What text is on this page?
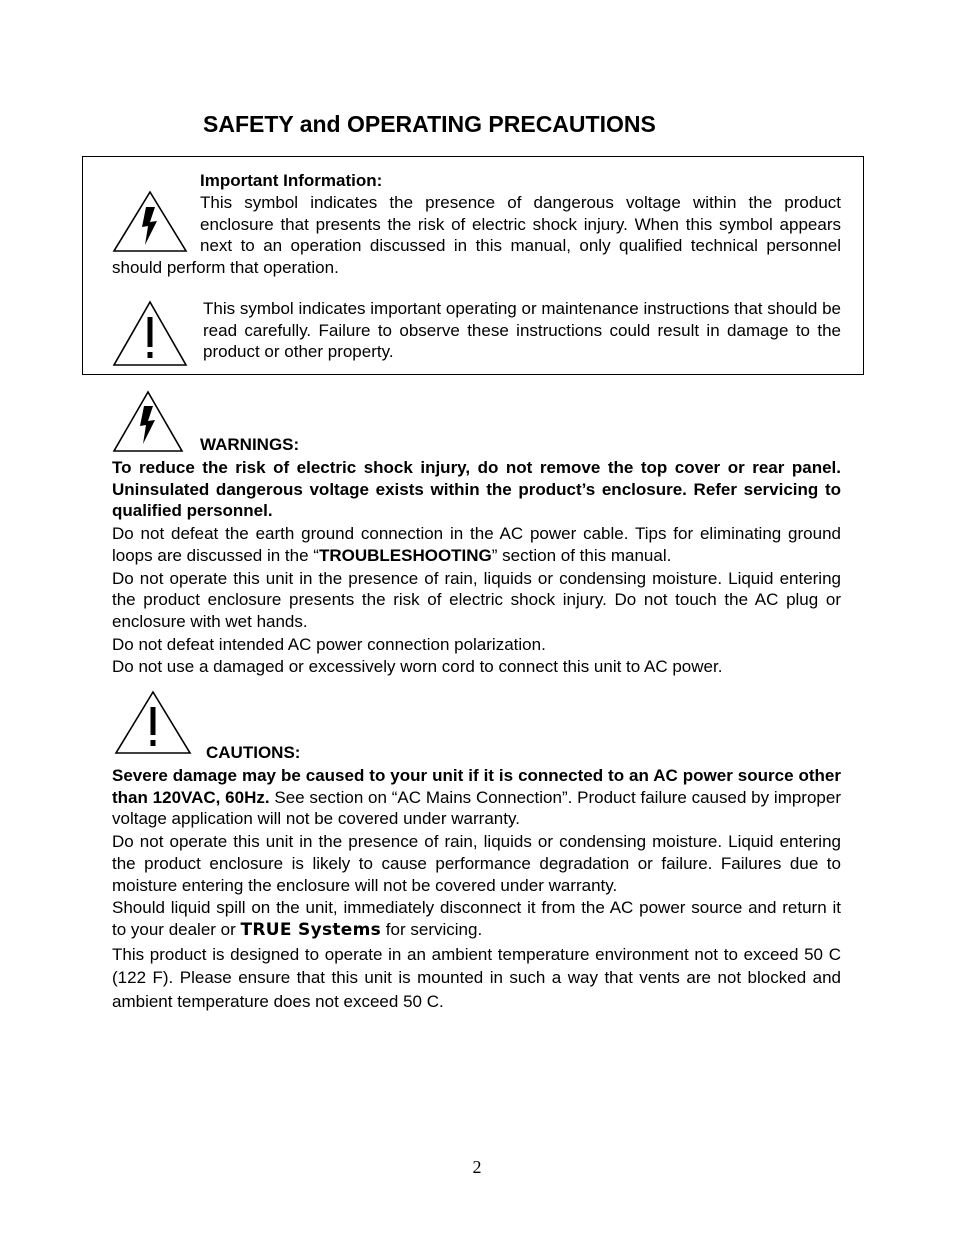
SAFETY and OPERATING PRECAUTIONS

Important Information:

This symbol indicates the presence of dangerous voltage within the product enclosure that presents the risk of electric shock injury. When this symbol appears next to an operation discussed in this manual, only qualified technical personnel should perform that operation.

This symbol indicates important operating or maintenance instructions that should be read carefully. Failure to observe these instructions could result in damage to the product or other property.

WARNINGS:

To reduce the risk of electric shock injury, do not remove the top cover or rear panel. Uninsulated dangerous voltage exists within the product’s enclosure. Refer servicing to qualified personnel.

Do not defeat the earth ground connection in the AC power cable. Tips for eliminating ground loops are discussed in the “TROUBLESHOOTING” section of this manual.

Do not operate this unit in the presence of rain, liquids or condensing moisture. Liquid entering the product enclosure presents the risk of electric shock injury. Do not touch the AC plug or enclosure with wet hands.

Do not defeat intended AC power connection polarization.

Do not use a damaged or excessively worn cord to connect this unit to AC power.

CAUTIONS:

Severe damage may be caused to your unit if it is connected to an AC power source other than 120VAC, 60Hz. See section on “AC Mains Connection”. Product failure caused by improper voltage application will not be covered under warranty.

Do not operate this unit in the presence of rain, liquids or condensing moisture. Liquid entering the product enclosure is likely to cause performance degradation or failure. Failures due to moisture entering the enclosure will not be covered under warranty.

Should liquid spill on the unit, immediately disconnect it from the AC power source and return it to your dealer or TRUE Systems for servicing.

This product is designed to operate in an ambient temperature environment not to exceed 50 C (122 F). Please ensure that this unit is mounted in such a way that vents are not blocked and ambient temperature does not exceed 50 C.

2
